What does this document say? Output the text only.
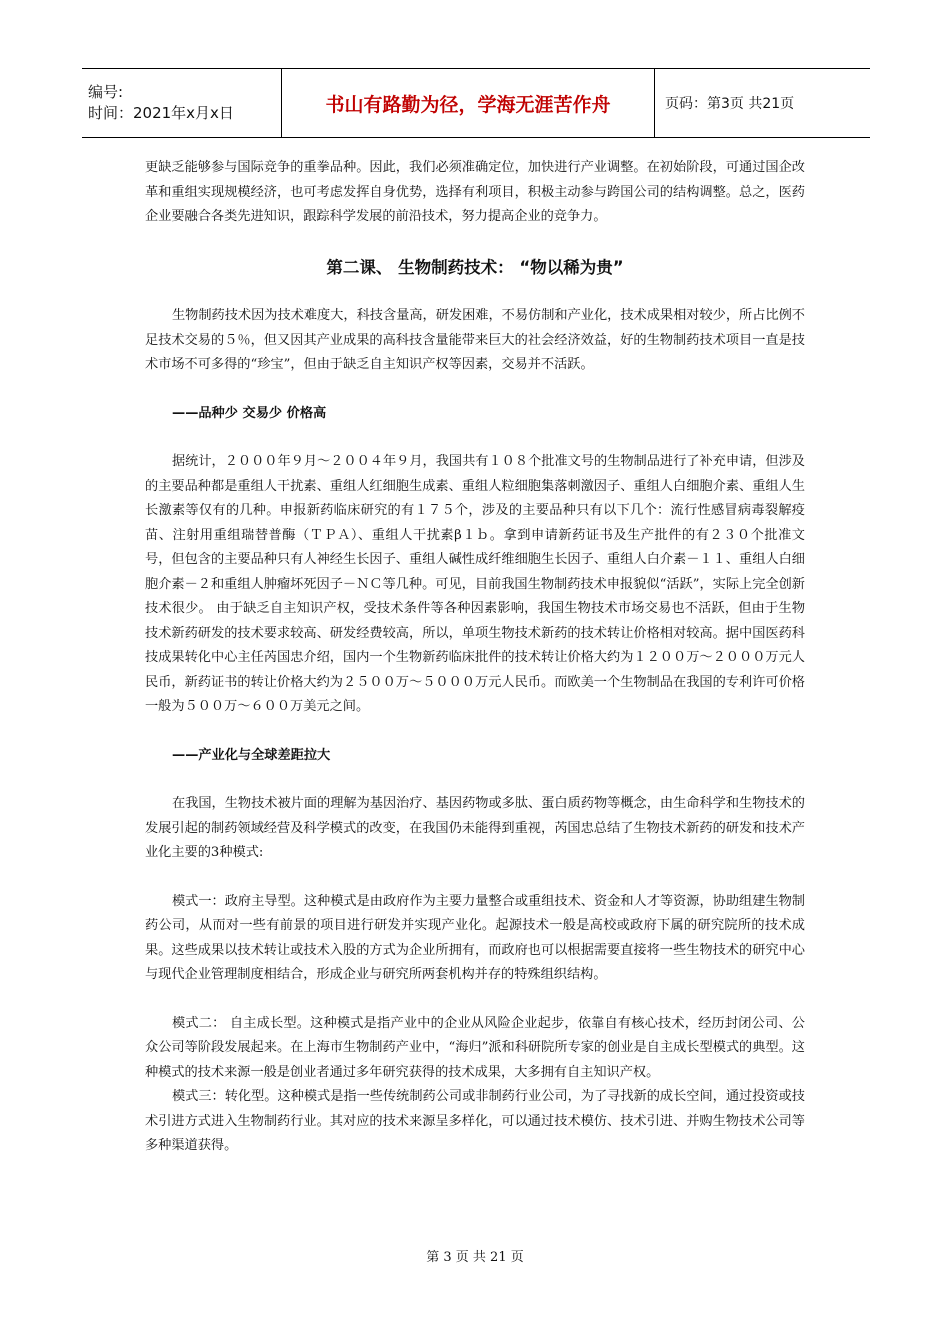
编号:
时间：2021年x月x日	书山有路勤为径，学海无涯苦作舟	页码：第3页 共21页

更缺乏能够参与国际竞争的重拳品种。因此，我们必须准确定位，加快进行产业调整。在初始阶段，可通过国企改革和重组实现规模经济，也可考虑发挥自身优势，选择有利项目，积极主动参与跨国公司的结构调整。总之，医药企业要融合各类先进知识，跟踪科学发展的前沿技术，努力提高企业的竞争力。

第二课、 生物制药技术： “物以稀为贵”

生物制药技术因为技术难度大，科技含量高，研发困难，不易仿制和产业化，技术成果相对较少，所占比例不足技术交易的５％，但又因其产业成果的高科技含量能带来巨大的社会经济效益，好的生物制药技术项目一直是技术市场不可多得的“珍宝”，但由于缺乏自主知识产权等因素，交易并不活跃。

——品种少 交易少 价格高

据统计，２０００年９月～２００４年９月，我国共有１０８个批准文号的生物制品进行了补充申请，但涉及的主要品种都是重组人干扰素、重组人红细胞生成素、重组人粒细胞集落刺激因子、重组人白细胞介素、重组人生长激素等仅有的几种。申报新药临床研究的有１７５个，涉及的主要品种只有以下几个：流行性感冒病毒裂解疫苗、注射用重组瑞替普酶（ＴＰＡ）、重组人干扰素β１ｂ。拿到申请新药证书及生产批件的有２３０个批准文号，但包含的主要品种只有人神经生长因子、重组人碱性成纤维细胞生长因子、重组人白介素－１１、重组人白细胞介素－２和重组人肿瘤坏死因子－ＮＣ等几种。可见，目前我国生物制药技术申报貌似“活跃”，实际上完全创新技术很少。 由于缺乏自主知识产权，受技术条件等各种因素影响，我国生物技术市场交易也不活跃，但由于生物技术新药研发的技术要求较高、研发经费较高，所以，单项生物技术新药的技术转让价格相对较高。据中国医药科技成果转化中心主任芮国忠介绍，国内一个生物新药临床批件的技术转让价格大约为１２００万～２０００万元人民币，新药证书的转让价格大约为２５００万～５０００万元人民币。而欧美一个生物制品在我国的专利许可价格一般为５００万～６００万美元之间。

——产业化与全球差距拉大

在我国，生物技术被片面的理解为基因治疗、基因药物或多肽、蛋白质药物等概念，由生命科学和生物技术的发展引起的制药领域经营及科学模式的改变，在我国仍未能得到重视，芮国忠总结了生物技术新药的研发和技术产业化主要的3种模式:

模式一：政府主导型。这种模式是由政府作为主要力量整合或重组技术、资金和人才等资源，协助组建生物制药公司，从而对一些有前景的项目进行研发并实现产业化。起源技术一般是高校或政府下属的研究院所的技术成果。这些成果以技术转让或技术入股的方式为企业所拥有，而政府也可以根据需要直接将一些生物技术的研究中心与现代企业管理制度相结合，形成企业与研究所两套机构并存的特殊组织结构。

模式二： 自主成长型。这种模式是指产业中的企业从风险企业起步，依靠自有核心技术，经历封闭公司、公众公司等阶段发展起来。在上海市生物制药产业中，“海归”派和科研院所专家的创业是自主成长型模式的典型。这种模式的技术来源一般是创业者通过多年研究获得的技术成果，大多拥有自主知识产权。

模式三：转化型。这种模式是指一些传统制药公司或非制药行业公司，为了寻找新的成长空间，通过投资或技术引进方式进入生物制药行业。其对应的技术来源呈多样化，可以通过技术模仿、技术引进、并购生物技术公司等多种渠道获得。

第 3 页 共 21 页
